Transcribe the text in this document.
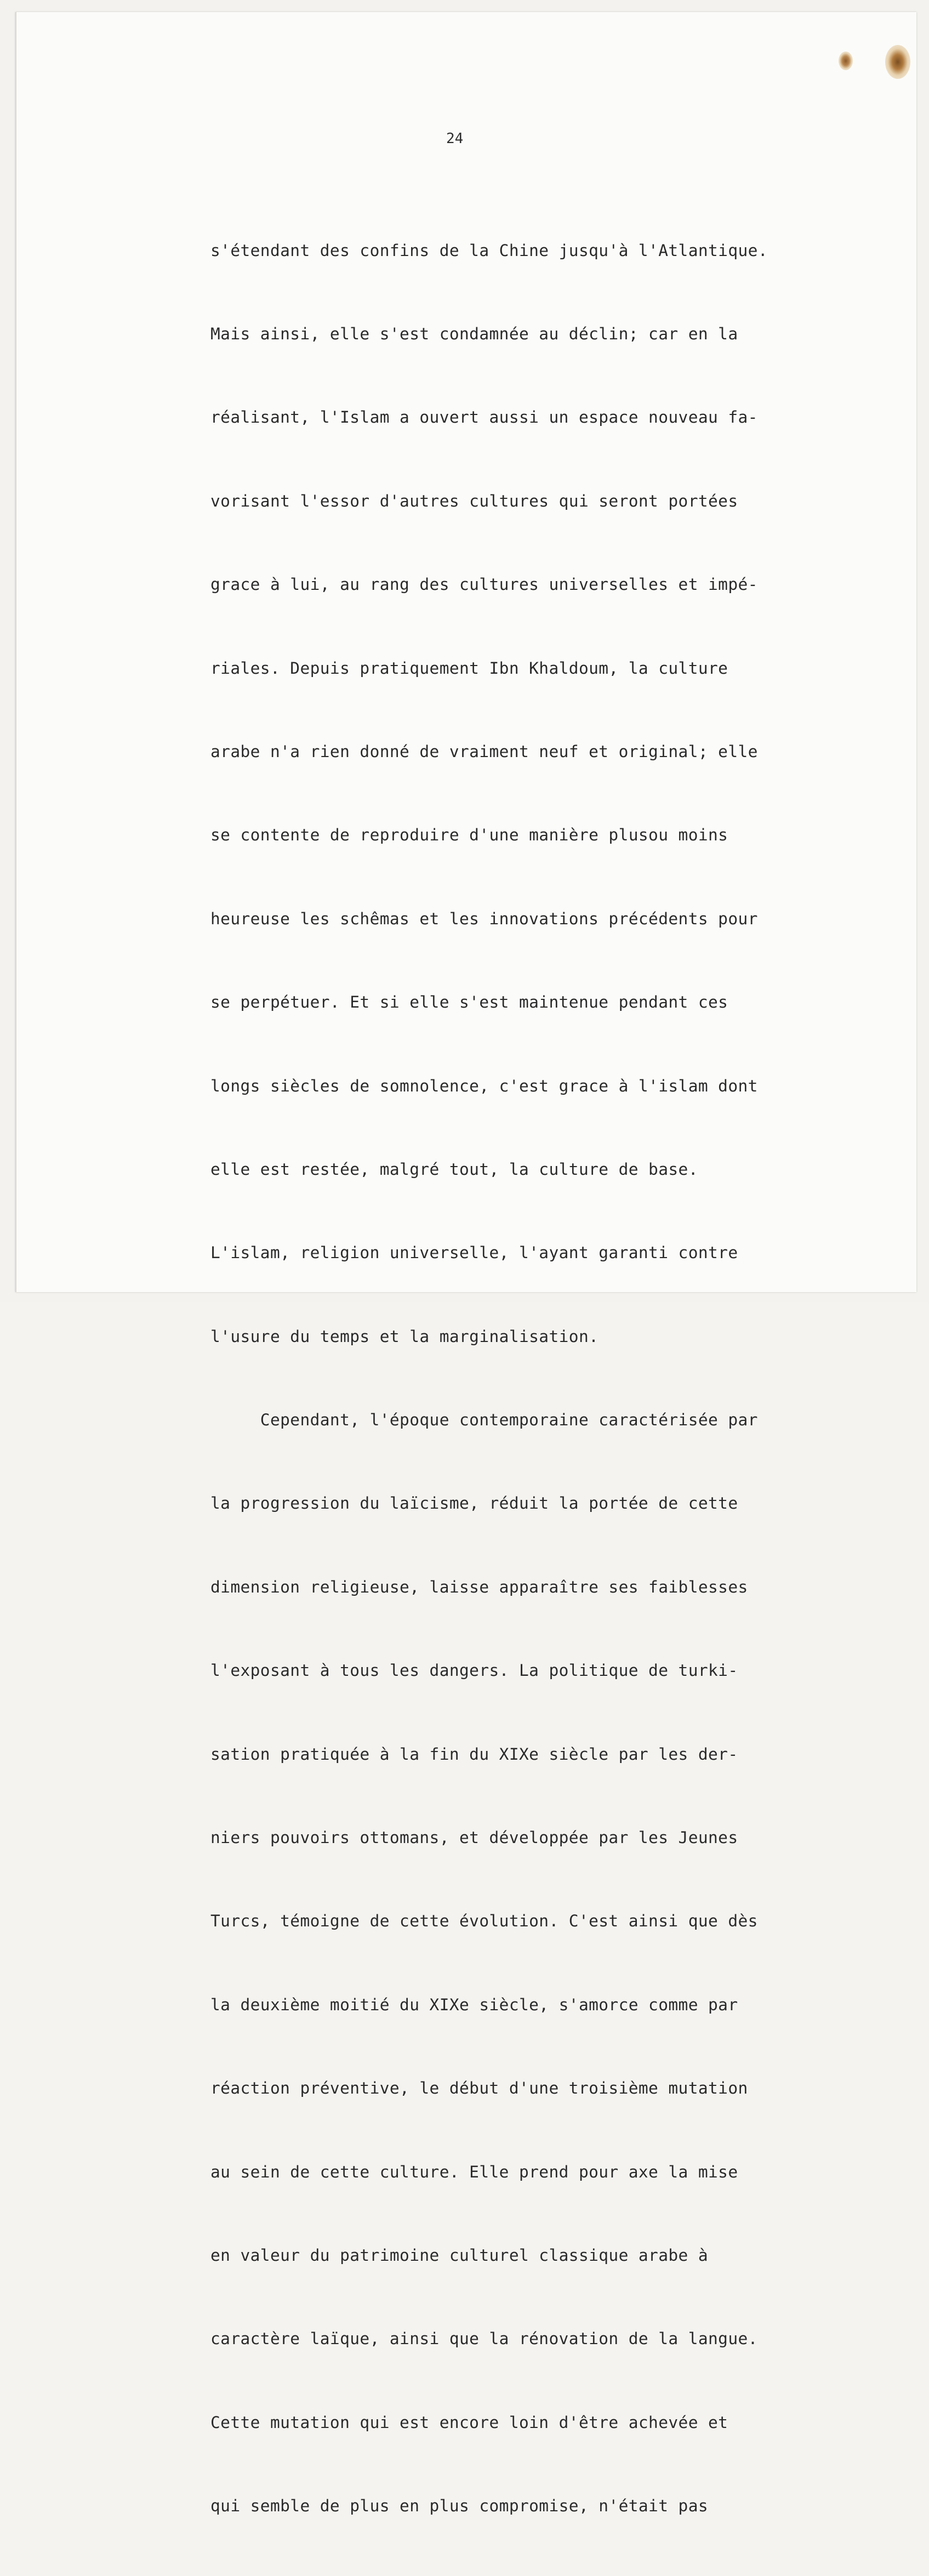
24

s'étendant des confins de la Chine jusqu'à l'Atlantique.

Mais ainsi, elle s'est condamnée au déclin; car en la

réalisant, l'Islam a ouvert aussi un espace nouveau fa-

vorisant l'essor d'autres cultures qui seront portées

grace à lui, au rang des cultures universelles et impé-

riales. Depuis pratiquement Ibn Khaldoum, la culture

arabe n'a rien donné de vraiment neuf et original; elle

se contente de reproduire d'une manière plusou moins

heureuse les schêmas et les innovations précédents pour

se perpétuer. Et si elle s'est maintenue pendant ces

longs siècles de somnolence, c'est grace à l'islam dont

elle est restée, malgré tout, la culture de base.

L'islam, religion universelle, l'ayant garanti contre

l'usure du temps et la marginalisation.

Cependant, l'époque contemporaine caractérisée par

la progression du laïcisme, réduit la portée de cette

dimension religieuse, laisse apparaître ses faiblesses

l'exposant à tous les dangers. La politique de turki-

sation pratiquée à la fin du XIXe siècle par les der-

niers pouvoirs ottomans, et développée par les Jeunes

Turcs, témoigne de cette évolution. C'est ainsi que dès

la deuxième moitié du XIXe siècle, s'amorce comme par

réaction préventive, le début d'une troisième mutation

au sein de cette culture. Elle prend pour axe la mise

en valeur du patrimoine culturel classique arabe à

caractère laïque, ainsi que la rénovation de la langue.

Cette mutation qui est encore loin d'être achevée et

qui semble de plus en plus compromise, n'était pas
